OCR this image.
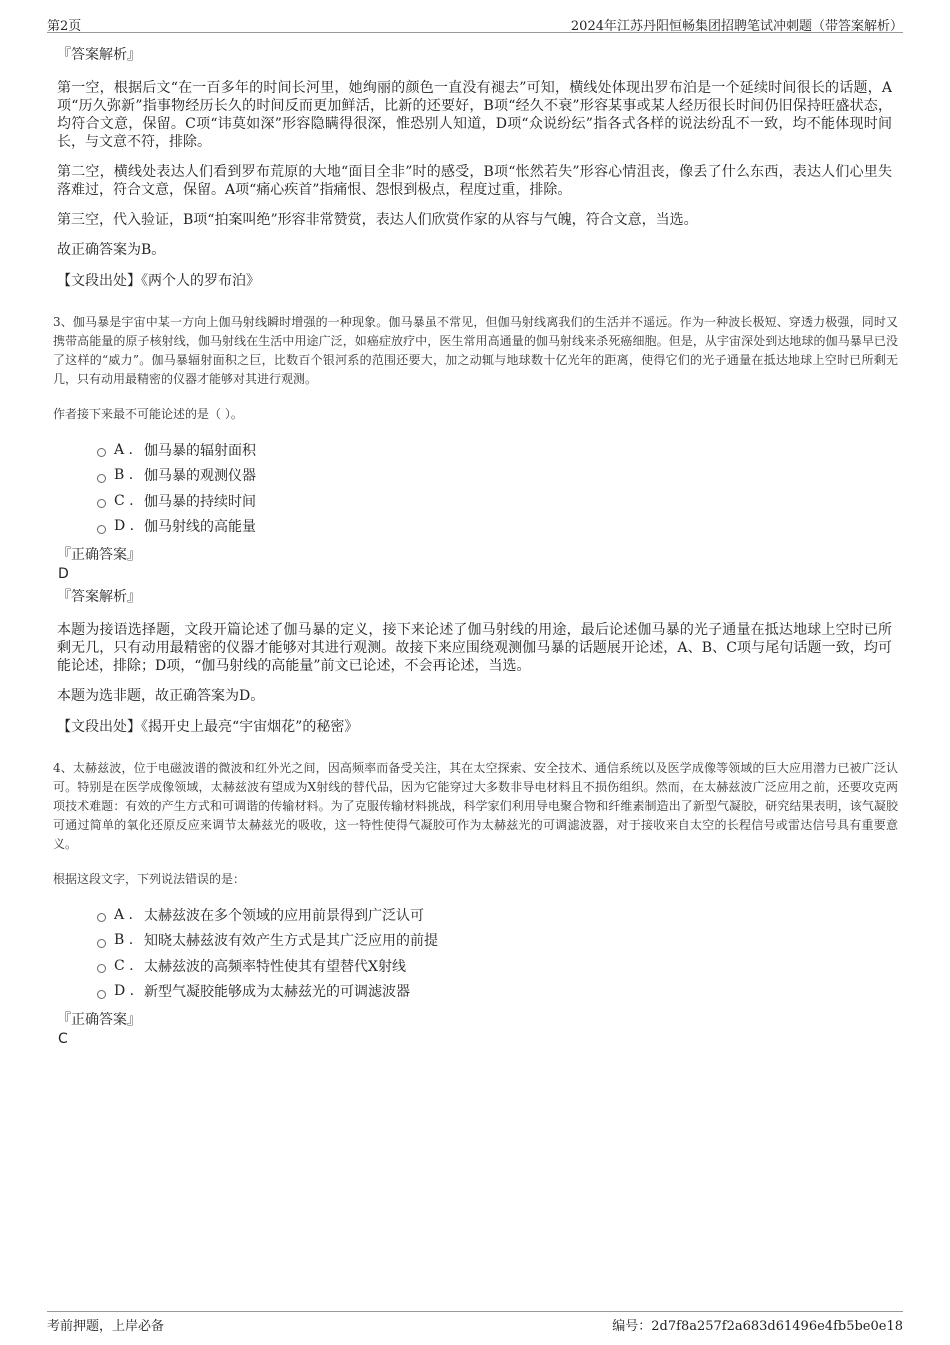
第2页	2024年江苏丹阳恒畅集团招聘笔试冲刺题（带答案解析）
『答案解析』

第一空，根据后文“在一百多年的时间长河里，她绚丽的颜色一直没有褪去”可知，横线处体现出罗布泊是一个延续时间很长的话题，A项“历久弥新”指事物经历长久的时间反而更加鲜活，比新的还要好，B项“经久不衰”形容某事或某人经历很长时间仍旧保持旺盛状态，均符合文意，保留。C项“讳莫如深”形容隐瞒得很深，惟恐别人知道，D项“众说纷纭”指各式各样的说法纷乱不一致，均不能体现时间长，与文意不符，排除。

第二空，横线处表达人们看到罗布荒原的大地“面目全非”时的感受，B项“怅然若失”形容心情沮丧，像丢了什么东西，表达人们心里失落难过，符合文意，保留。A项“痛心疾首”指痛恨、怨恨到极点，程度过重，排除。

第三空，代入验证，B项“拍案叫绝”形容非常赞赏，表达人们欣赏作家的从容与气魄，符合文意，当选。

故正确答案为B。

【文段出处】《两个人的罗布泊》

3、伽马暴是宇宙中某一方向上伽马射线瞬时增强的一种现象。伽马暴虽不常见，但伽马射线离我们的生活并不遥远。作为一种波长极短、穿透力极强，同时又携带高能量的原子核射线，伽马射线在生活中用途广泛，如癌症放疗中，医生常用高通量的伽马射线来杀死癌细胞。但是，从宇宙深处到达地球的伽马暴早已没了这样的“威力”。伽马暴辐射面积之巨，比数百个银河系的范围还要大，加之动辄与地球数十亿光年的距离，使得它们的光子通量在抵达地球上空时已所剩无几，只有动用最精密的仪器才能够对其进行观测。

作者接下来最不可能论述的是（ ）。

A . 伽马暴的辐射面积
B . 伽马暴的观测仪器
C . 伽马暴的持续时间
D . 伽马射线的高能量
『正确答案』
D
『答案解析』

本题为接语选择题，文段开篇论述了伽马暴的定义，接下来论述了伽马射线的用途，最后论述伽马暴的光子通量在抵达地球上空时已所剩无几，只有动用最精密的仪器才能够对其进行观测。故接下来应围绕观测伽马暴的话题展开论述，A、B、C项与尾句话题一致，均可能论述，排除；D项，“伽马射线的高能量”前文已论述，不会再论述，当选。

本题为选非题，故正确答案为D。

【文段出处】《揭开史上最亮“宇宙烟花”的秘密》

4、太赫兹波，位于电磁波谱的微波和红外光之间，因高频率而备受关注，其在太空探索、安全技术、通信系统以及医学成像等领域的巨大应用潜力已被广泛认可。特别是在医学成像领域，太赫兹波有望成为X射线的替代品，因为它能穿过大多数非导电材料且不损伤组织。然而，在太赫兹波广泛应用之前，还要攻克两项技术难题：有效的产生方式和可调谐的传输材料。为了克服传输材料挑战，科学家们利用导电聚合物和纤维素制造出了新型气凝胶，研究结果表明，该气凝胶可通过简单的氧化还原反应来调节太赫兹光的吸收，这一特性使得气凝胶可作为太赫兹光的可调滤波器，对于接收来自太空的长程信号或雷达信号具有重要意义。

根据这段文字，下列说法错误的是：

A . 太赫兹波在多个领域的应用前景得到广泛认可
B . 知晓太赫兹波有效产生方式是其广泛应用的前提
C . 太赫兹波的高频率特性使其有望替代X射线
D . 新型气凝胶能够成为太赫兹光的可调滤波器
『正确答案』
C
考前押题，上岸必备	编号：2d7f8a257f2a683d61496e4fb5be0e18
